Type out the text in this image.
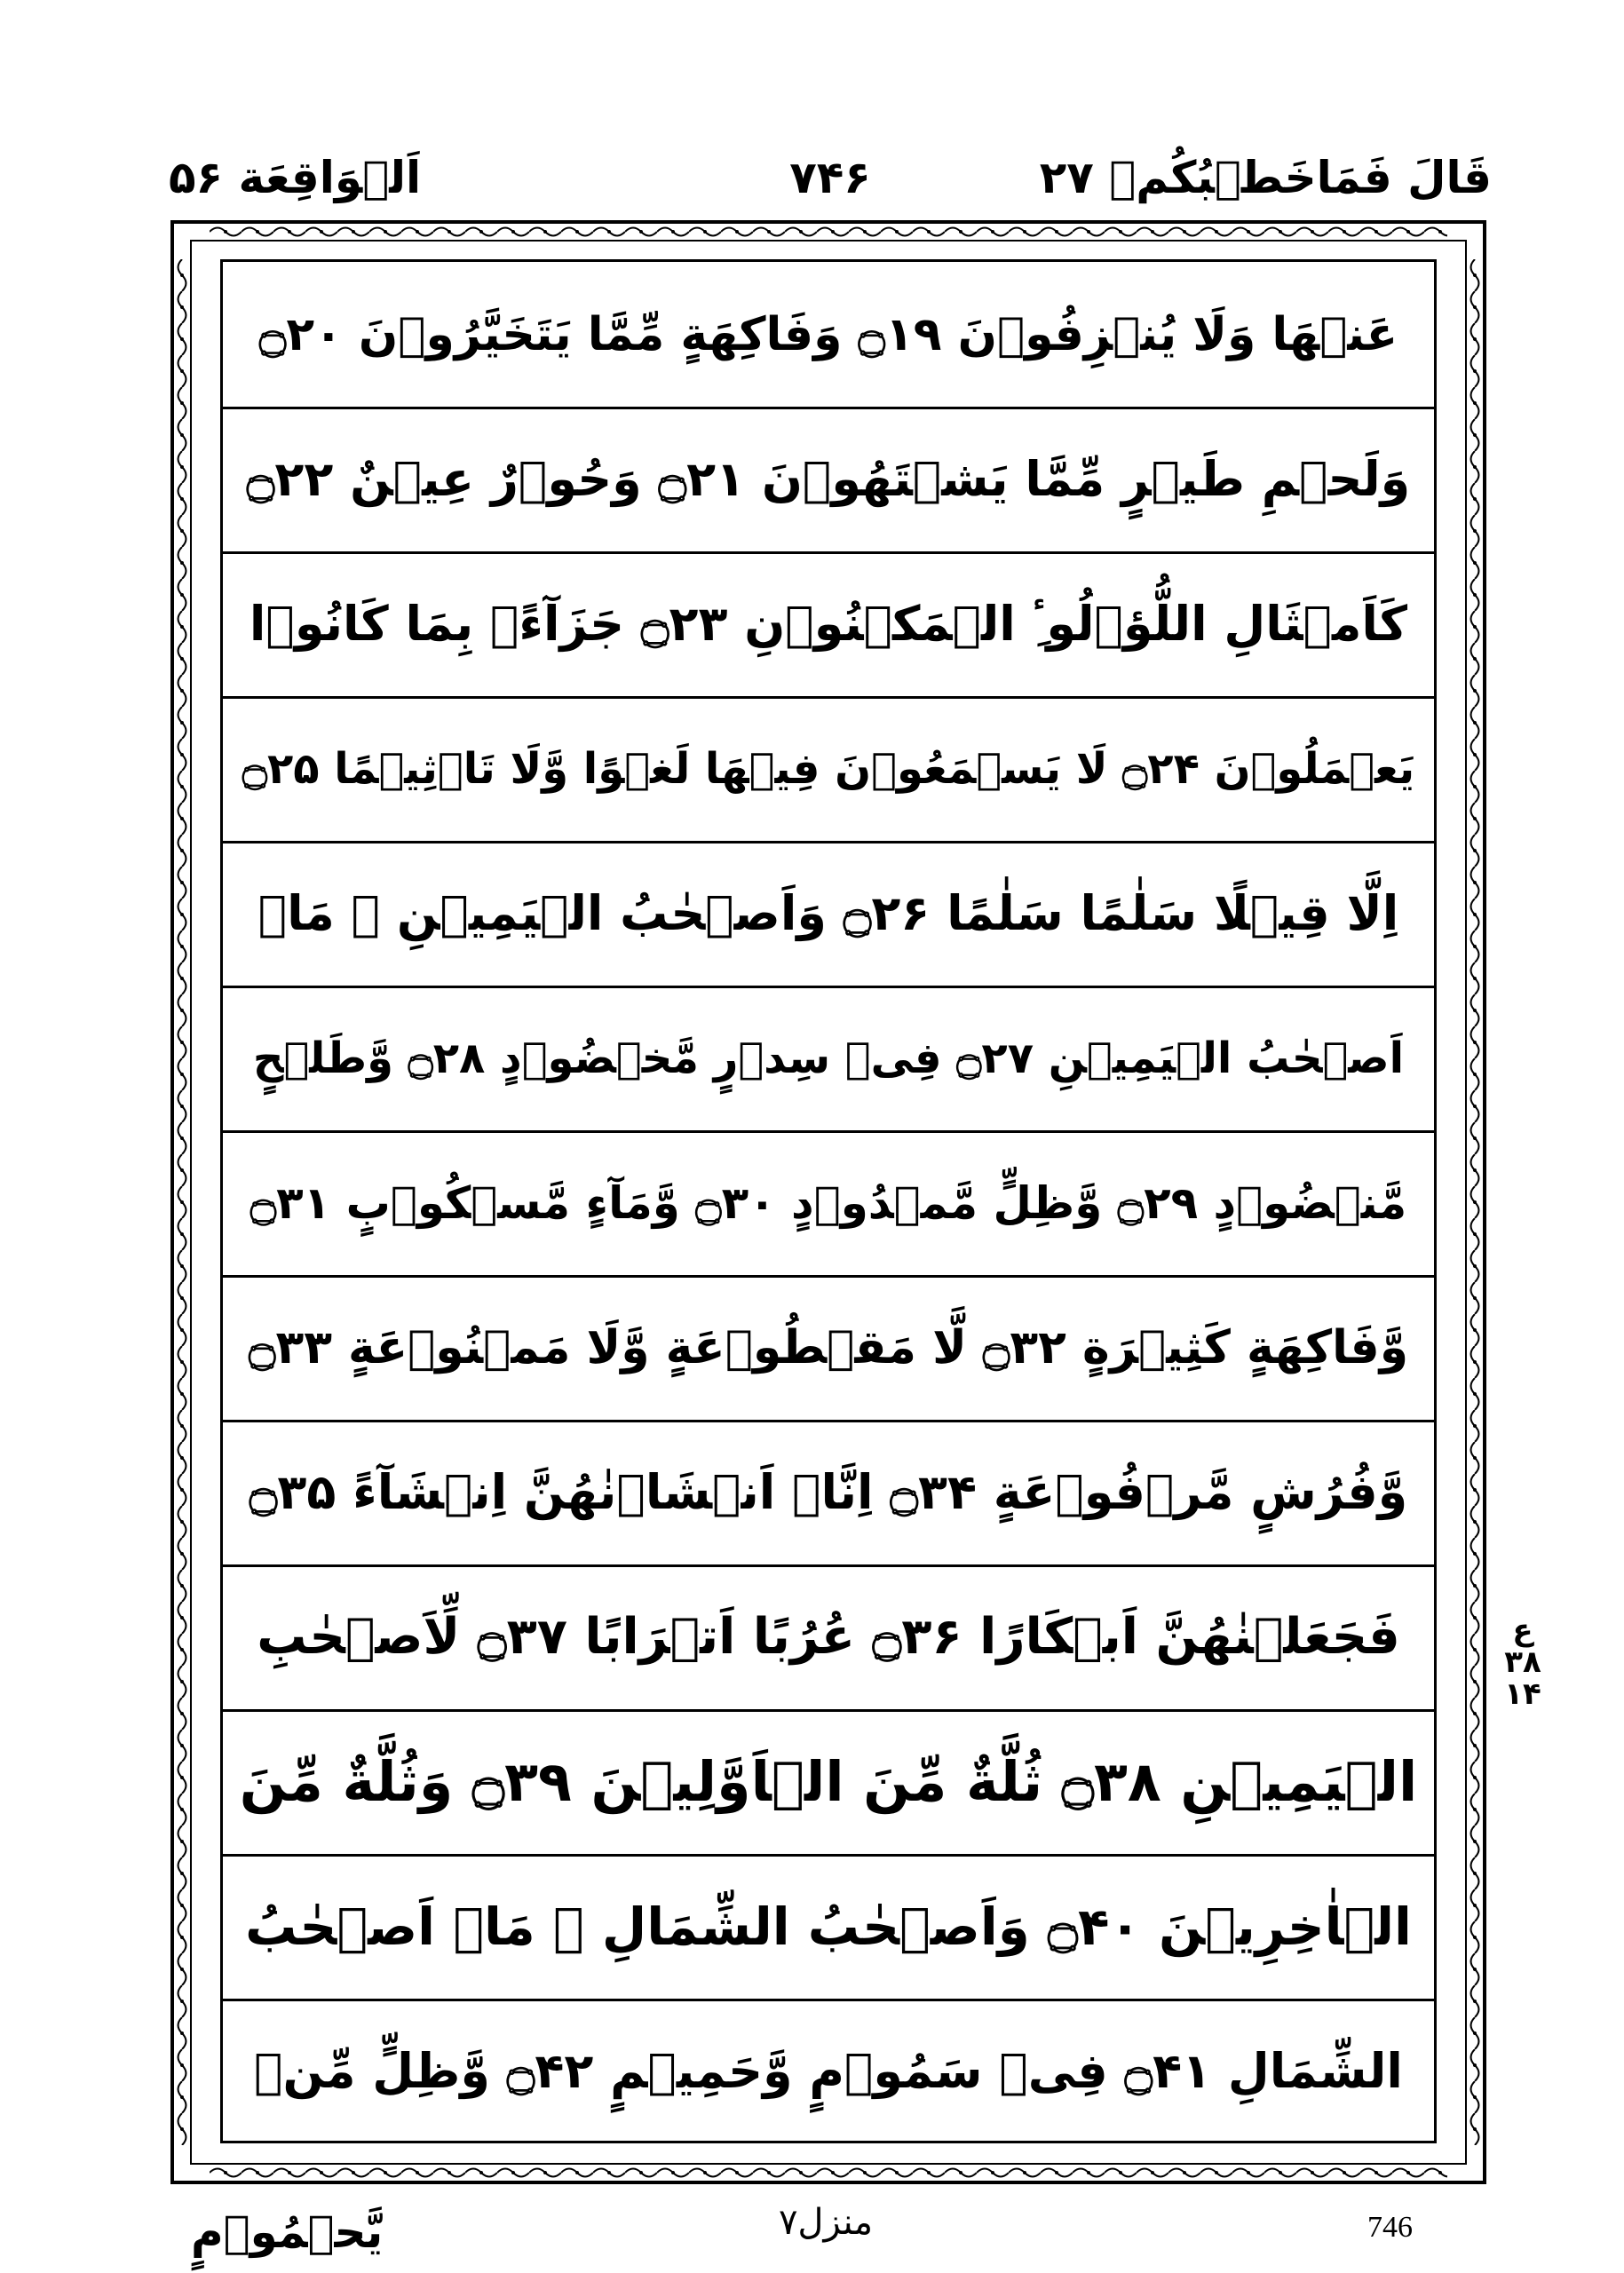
اَلۡوَاقِعَة ۵۶	۷۴۶	قَالَ فَمَاخَطۡبُكُمۡ ۲۷
عَنۡهَا وَلَا يُنۡزِفُوۡنَ ۝۱۹ وَفَاكِهَةٍ مِّمَّا يَتَخَيَّرُوۡنَ ۝۲۰
وَلَحۡمِ طَيۡرٍ مِّمَّا يَشۡتَهُوۡنَ ۝۲۱ وَحُوۡرٌ عِيۡنٌ ۝۲۲
كَاَمۡثَالِ اللُّؤۡلُوٴِ الۡمَكۡنُوۡنِ ۝۲۳ جَزَآءًۢ بِمَا كَانُوۡا
يَعۡمَلُوۡنَ ۝۲۴ لَا يَسۡمَعُوۡنَ فِيۡهَا لَغۡوًا وَّلَا تَاۡثِيۡمًا ۝۲۵
اِلَّا قِيۡلًا سَلٰمًا سَلٰمًا ۝۲۶ وَاَصۡحٰبُ الۡيَمِيۡنِ ۙ مَاۤ
اَصۡحٰبُ الۡيَمِيۡنِ ۝۲۷ فِىۡ سِدۡرٍ مَّخۡضُوۡدٍ ۝۲۸ وَّطَلۡحٍ
مَّنۡضُوۡدٍ ۝۲۹ وَّظِلٍّ مَّمۡدُوۡدٍ ۝۳۰ وَّمَآءٍ مَّسۡكُوۡبٍ ۝۳۱
وَّفَاكِهَةٍ كَثِيۡرَةٍ ۝۳۲ لَّا مَقۡطُوۡعَةٍ وَّلَا مَمۡنُوۡعَةٍ ۝۳۳
وَّفُرُشٍ مَّرۡفُوۡعَةٍ ۝۳۴ اِنَّاۤ اَنۡشَاۡنٰهُنَّ اِنۡشَآءً ۝۳۵
فَجَعَلۡنٰهُنَّ اَبۡكَارًا ۝۳۶ عُرُبًا اَتۡرَابًا ۝۳۷ لِّاَصۡحٰبِ
الۡيَمِيۡنِ ۝۳۸ ثُلَّةٌ مِّنَ الۡاَوَّلِيۡنَ ۝۳۹ وَثُلَّةٌ مِّنَ
الۡاٰخِرِيۡنَ ۝۴۰ وَاَصۡحٰبُ الشِّمَالِ ۙ مَاۤ اَصۡحٰبُ
الشِّمَالِ ۝۴۱ فِىۡ سَمُوۡمٍ وَّحَمِيۡمٍ ۝۴۲ وَّظِلٍّ مِّنۡ
ع
۳۸
۱۴
يَّحۡمُوۡمٍ	منزل۷	746
